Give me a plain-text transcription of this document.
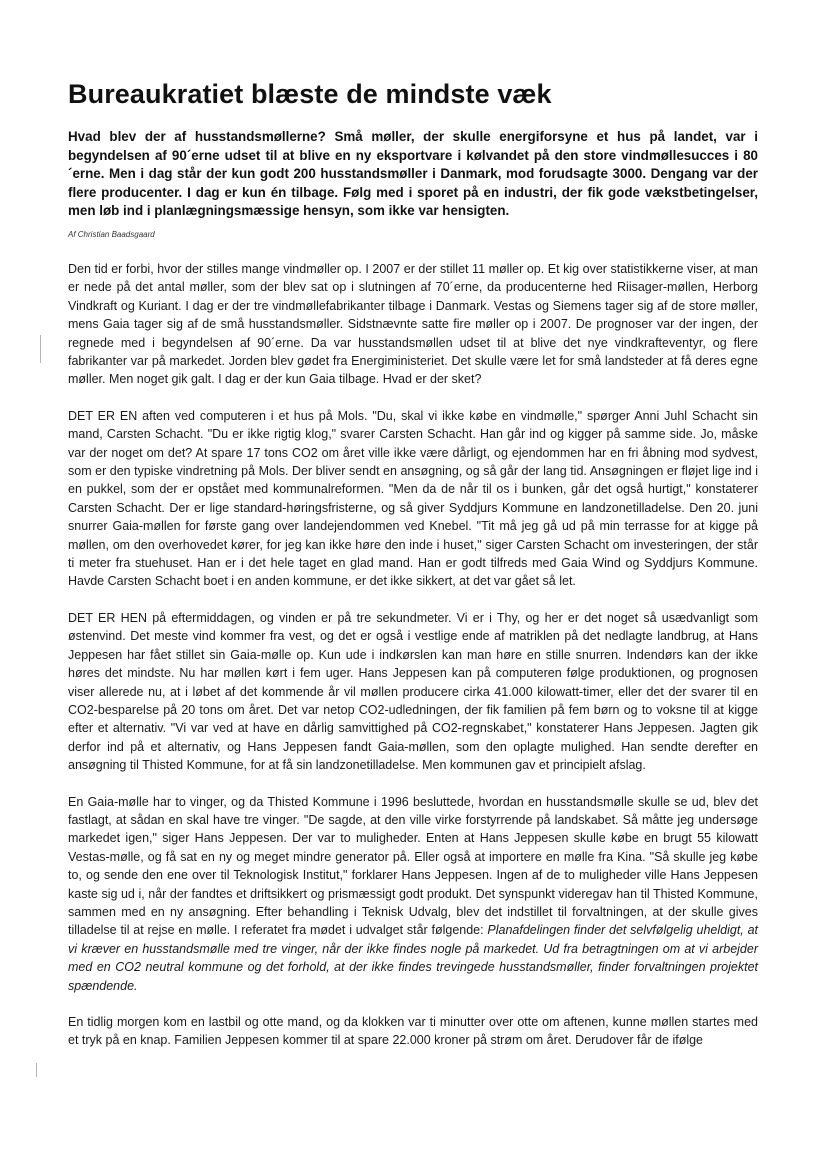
Bureaukratiet blæste de mindste væk

Hvad blev der af husstandsmøllerne? Små møller, der skulle energiforsyne et hus på landet, var i begyndelsen af 90´erne udset til at blive en ny eksportvare i kølvandet på den store vindmøllesucces i 80´erne. Men i dag står der kun godt 200 husstandsmøller i Danmark, mod forudsagte 3000. Dengang var der flere producenter. I dag er kun én tilbage. Følg med i sporet på en industri, der fik gode vækstbetingelser, men løb ind i planlægningsmæssige hensyn, som ikke var hensigten.

Af Christian Baadsgaard

Den tid er forbi, hvor der stilles mange vindmøller op. I 2007 er der stillet 11 møller op. Et kig over statistikkerne viser, at man er nede på det antal møller, som der blev sat op i slutningen af 70´erne, da producenterne hed Riisager-møllen, Herborg Vindkraft og Kuriant. I dag er der tre vindmøllefabrikanter tilbage i Danmark. Vestas og Siemens tager sig af de store møller, mens Gaia tager sig af de små husstandsmøller. Sidstnævnte satte fire møller op i 2007. De prognoser var der ingen, der regnede med i begyndelsen af 90´erne. Da var husstandsmøllen udset til at blive det nye vindkrafteventyr, og flere fabrikanter var på markedet. Jorden blev gødet fra Energiministeriet. Det skulle være let for små landsteder at få deres egne møller. Men noget gik galt. I dag er der kun Gaia tilbage. Hvad er der sket?

DET ER EN aften ved computeren i et hus på Mols. "Du, skal vi ikke købe en vindmølle," spørger Anni Juhl Schacht sin mand, Carsten Schacht. "Du er ikke rigtig klog," svarer Carsten Schacht. Han går ind og kigger på samme side. Jo, måske var der noget om det? At spare 17 tons CO2 om året ville ikke være dårligt, og ejendommen har en fri åbning mod sydvest, som er den typiske vindretning på Mols. Der bliver sendt en ansøgning, og så går der lang tid. Ansøgningen er fløjet lige ind i en pukkel, som der er opstået med kommunalreformen. "Men da de når til os i bunken, går det også hurtigt," konstaterer Carsten Schacht. Der er lige standard-høringsfristerne, og så giver Syddjurs Kommune en landzonetilladelse. Den 20. juni snurrer Gaia-møllen for første gang over landejendommen ved Knebel. "Tit må jeg gå ud på min terrasse for at kigge på møllen, om den overhovedet kører, for jeg kan ikke høre den inde i huset," siger Carsten Schacht om investeringen, der står ti meter fra stuehuset. Han er i det hele taget en glad mand. Han er godt tilfreds med Gaia Wind og Syddjurs Kommune. Havde Carsten Schacht boet i en anden kommune, er det ikke sikkert, at det var gået så let.

DET ER HEN på eftermiddagen, og vinden er på tre sekundmeter. Vi er i Thy, og her er det noget så usædvanligt som østenvind. Det meste vind kommer fra vest, og det er også i vestlige ende af matriklen på det nedlagte landbrug, at Hans Jeppesen har fået stillet sin Gaia-mølle op. Kun ude i indkørslen kan man høre en stille snurren. Indendørs kan der ikke høres det mindste. Nu har møllen kørt i fem uger. Hans Jeppesen kan på computeren følge produktionen, og prognosen viser allerede nu, at i løbet af det kommende år vil møllen producere cirka 41.000 kilowatt-timer, eller det der svarer til en CO2-besparelse på 20 tons om året. Det var netop CO2-udledningen, der fik familien på fem børn og to voksne til at kigge efter et alternativ. "Vi var ved at have en dårlig samvittighed på CO2-regnskabet," konstaterer Hans Jeppesen. Jagten gik derfor ind på et alternativ, og Hans Jeppesen fandt Gaia-møllen, som den oplagte mulighed. Han sendte derefter en ansøgning til Thisted Kommune, for at få sin landzonetilladelse. Men kommunen gav et principielt afslag.

En Gaia-mølle har to vinger, og da Thisted Kommune i 1996 besluttede, hvordan en husstandsmølle skulle se ud, blev det fastlagt, at sådan en skal have tre vinger. "De sagde, at den ville virke forstyrrende på landskabet. Så måtte jeg undersøge markedet igen," siger Hans Jeppesen. Der var to muligheder. Enten at Hans Jeppesen skulle købe en brugt 55 kilowatt Vestas-mølle, og få sat en ny og meget mindre generator på. Eller også at importere en mølle fra Kina. "Så skulle jeg købe to, og sende den ene over til Teknologisk Institut," forklarer Hans Jeppesen. Ingen af de to muligheder ville Hans Jeppesen kaste sig ud i, når der fandtes et driftsikkert og prismæssigt godt produkt. Det synspunkt videregav han til Thisted Kommune, sammen med en ny ansøgning. Efter behandling i Teknisk Udvalg, blev det indstillet til forvaltningen, at der skulle gives tilladelse til at rejse en mølle. I referatet fra mødet i udvalget står følgende: Planafdelingen finder det selvfølgelig uheldigt, at vi kræver en husstandsmølle med tre vinger, når der ikke findes nogle på markedet. Ud fra betragtningen om at vi arbejder med en CO2 neutral kommune og det forhold, at der ikke findes trevingede husstandsmøller, finder forvaltningen projektet spændende.

En tidlig morgen kom en lastbil og otte mand, og da klokken var ti minutter over otte om aftenen, kunne møllen startes med et tryk på en knap. Familien Jeppesen kommer til at spare 22.000 kroner på strøm om året. Derudover får de ifølge
